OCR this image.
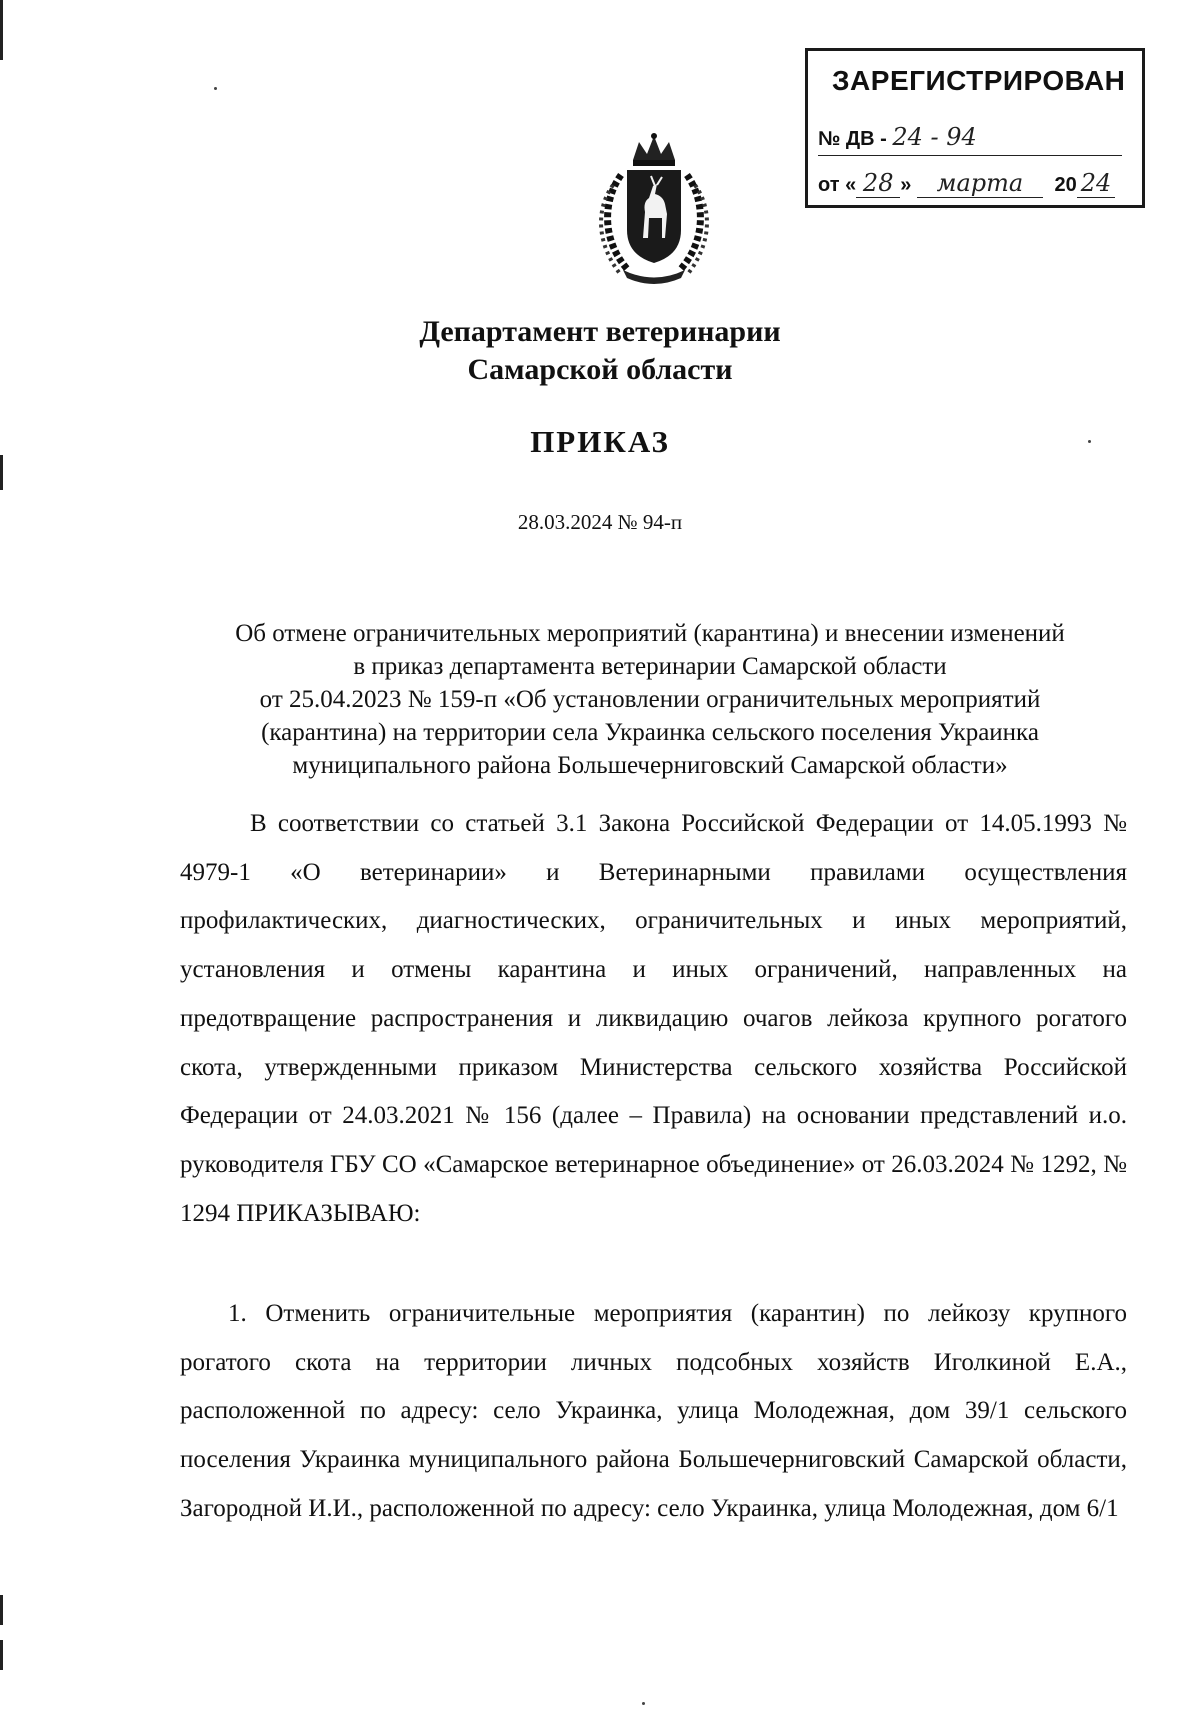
ЗАРЕГИСТРИРОВАН
№ ДВ - 24 - 94
от « 28 » марта 20 24
Департамент ветеринарии
Самарской области
ПРИКАЗ
28.03.2024 № 94-п
Об отмене ограничительных мероприятий (карантина) и внесении изменений
в приказ департамента ветеринарии Самарской области
от 25.04.2023 № 159-п «Об установлении ограничительных мероприятий
(карантина) на территории села Украинка сельского поселения Украинка
муниципального района Большечерниговский Самарской области»

В соответствии со статьей 3.1 Закона Российской Федерации от 14.05.1993 № 4979-1 «О ветеринарии» и Ветеринарными правилами осуществления профилактических, диагностических, ограничительных и иных мероприятий, установления и отмены карантина и иных ограничений, направленных на предотвращение распространения и ликвидацию очагов лейкоза крупного рогатого скота, утвержденными приказом Министерства сельского хозяйства Российской Федерации от 24.03.2021 № 156 (далее – Правила) на основании представлений и.о. руководителя ГБУ СО «Самарское ветеринарное объединение» от 26.03.2024 № 1292, № 1294 ПРИКАЗЫВАЮ:

1. Отменить ограничительные мероприятия (карантин) по лейкозу крупного рогатого скота на территории личных подсобных хозяйств Иголкиной Е.А., расположенной по адресу: село Украинка, улица Молодежная, дом 39/1 сельского поселения Украинка муниципального района Большечерниговский Самарской области, Загородной И.И., расположенной по адресу: село Украинка, улица Молодежная, дом 6/1
